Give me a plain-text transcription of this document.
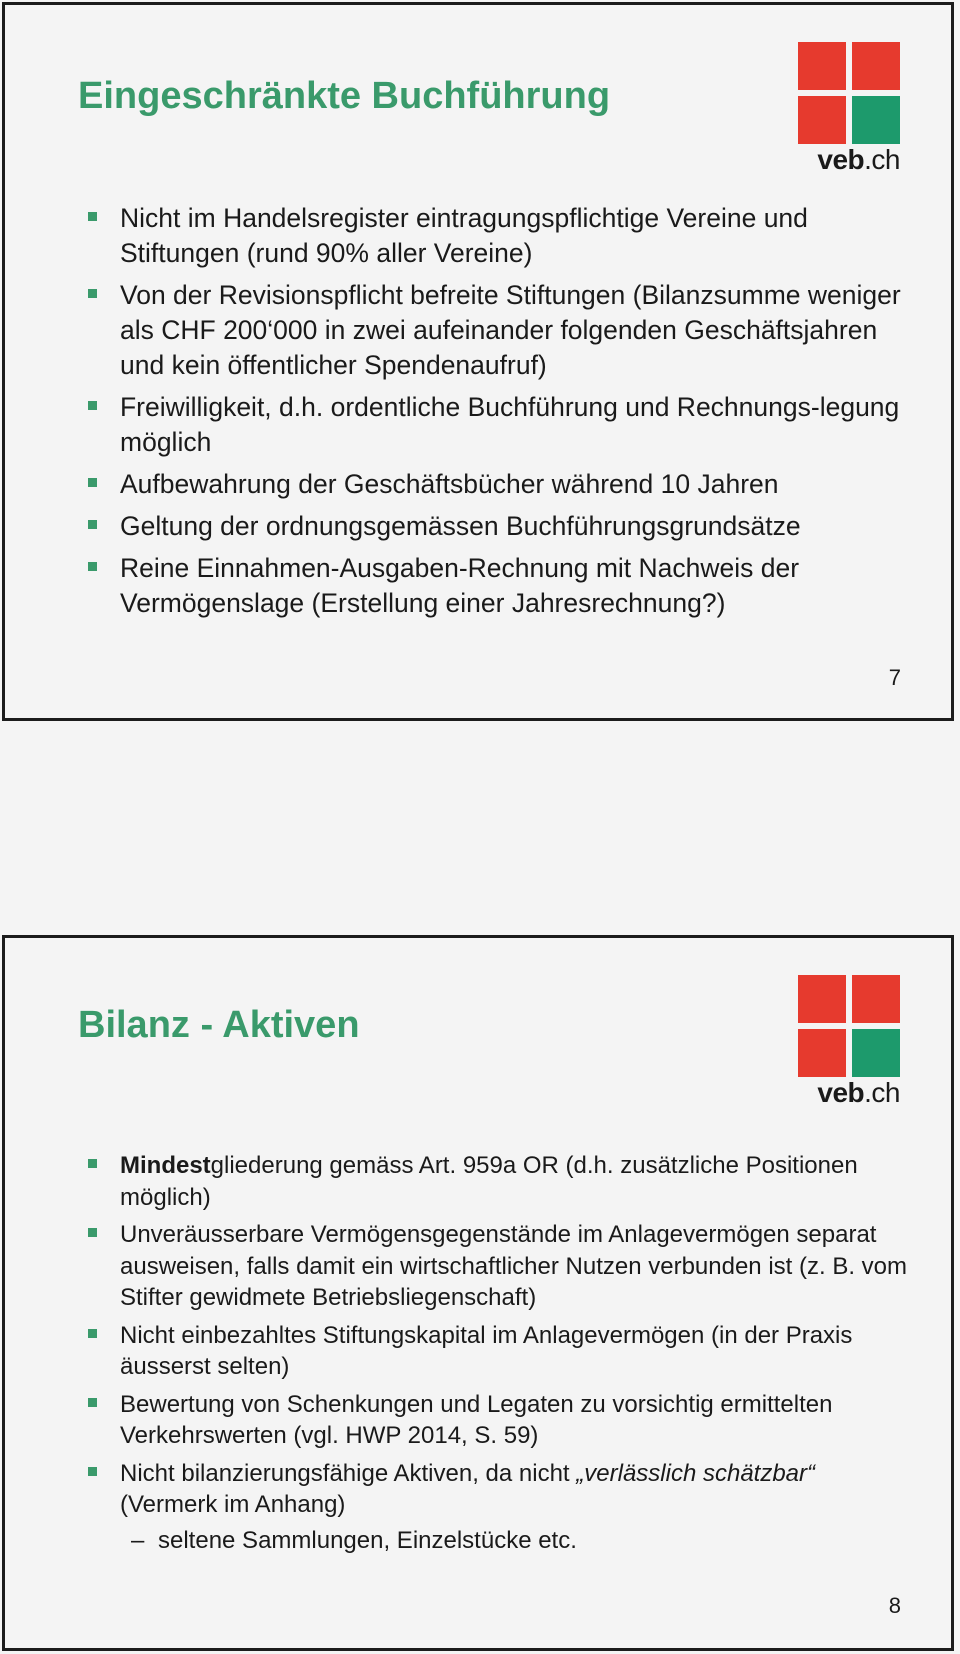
Eingeschränkte Buchführung
veb.ch
Nicht im Handelsregister eintragungspflichtige Vereine und Stiftungen (rund 90% aller Vereine)
Von der Revisionspflicht befreite Stiftungen (Bilanzsumme weniger als CHF 200‘000 in zwei aufeinander folgenden Geschäftsjahren und kein öffentlicher Spendenaufruf)
Freiwilligkeit, d.h. ordentliche Buchführung und Rechnungs-legung möglich
Aufbewahrung der Geschäftsbücher während 10 Jahren
Geltung der ordnungsgemässen Buchführungsgrundsätze
Reine Einnahmen-Ausgaben-Rechnung mit Nachweis der Vermögenslage (Erstellung einer Jahresrechnung?)
7
Bilanz - Aktiven
veb.ch
Mindestgliederung gemäss Art. 959a OR (d.h. zusätzliche Positionen möglich)
Unveräusserbare Vermögensgegenstände im Anlagevermögen separat ausweisen, falls damit ein wirtschaftlicher Nutzen verbunden ist (z. B. vom Stifter gewidmete Betriebsliegenschaft)
Nicht einbezahltes Stiftungskapital im Anlagevermögen (in der Praxis äusserst selten)
Bewertung von Schenkungen und Legaten zu vorsichtig ermittelten Verkehrswerten (vgl. HWP 2014, S. 59)
Nicht bilanzierungsfähige Aktiven, da nicht „verlässlich schätzbar“ (Vermerk im Anhang)
– seltene Sammlungen, Einzelstücke etc.
8
